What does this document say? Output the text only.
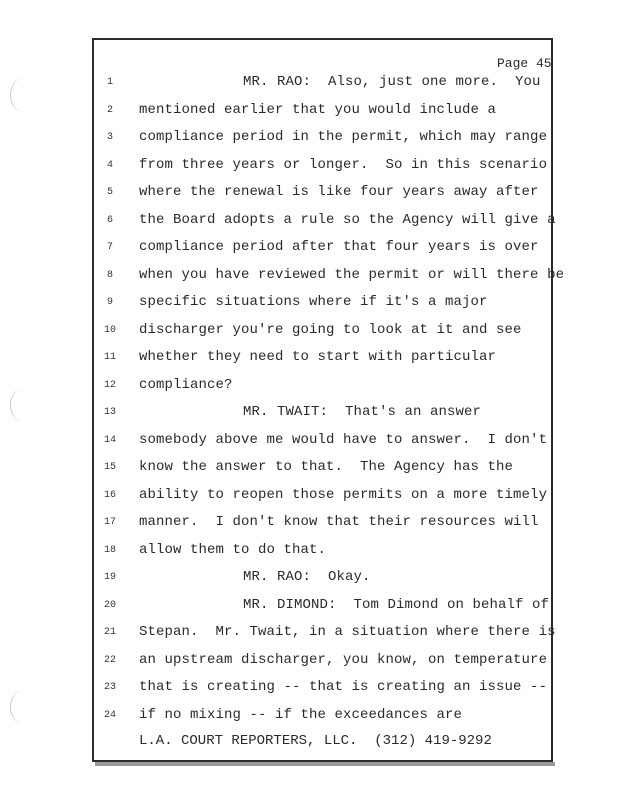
Page 45
1	MR. RAO:  Also, just one more.  You
2	mentioned earlier that you would include a
3	compliance period in the permit, which may range
4	from three years or longer.  So in this scenario
5	where the renewal is like four years away after
6	the Board adopts a rule so the Agency will give a
7	compliance period after that four years is over
8	when you have reviewed the permit or will there be
9	specific situations where if it's a major
10 discharger you're going to look at it and see
11 whether they need to start with particular
12 compliance?
13	MR. TWAIT:  That's an answer
14 somebody above me would have to answer.  I don't
15 know the answer to that.  The Agency has the
16 ability to reopen those permits on a more timely
17 manner.  I don't know that their resources will
18 allow them to do that.
19	MR. RAO:  Okay.
20	MR. DIMOND:  Tom Dimond on behalf of
21 Stepan.  Mr. Twait, in a situation where there is
22 an upstream discharger, you know, on temperature
23 that is creating -- that is creating an issue --
24 if no mixing -- if the exceedances are
L.A. COURT REPORTERS, LLC.  (312) 419-9292
